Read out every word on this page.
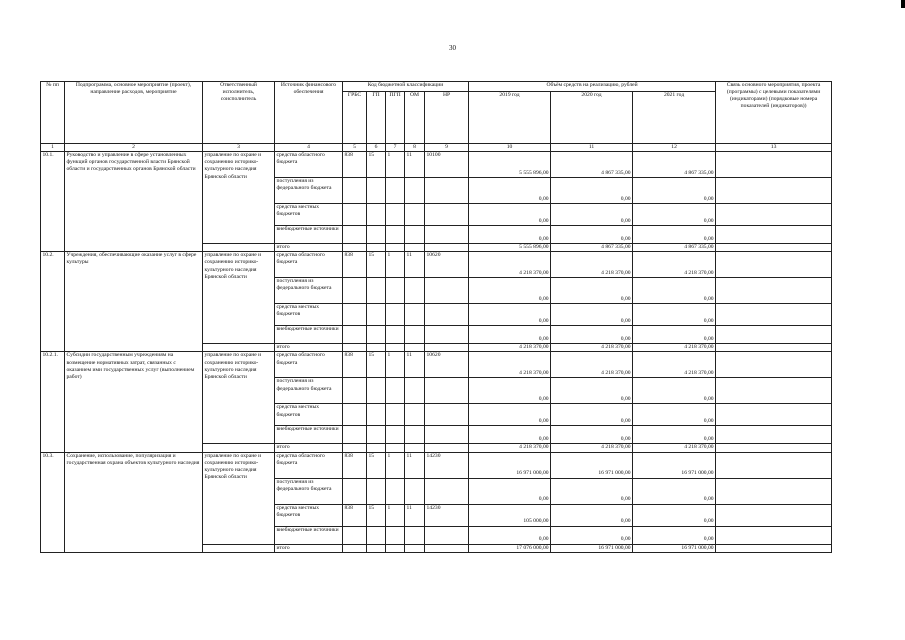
30
№ пп	Подпрограмма, основное мероприятие (проект), направление расходов, мероприятие	Ответственный исполнитель, соисполнитель	Источник финансового обеспечения	Код бюджетной классификации					Объём средств на реализацию, рублей			Связь основного мероприятия, проекта (программы) с целевыми показателями (индикаторами) (порядковые номера показателей (индикаторов))
				ГРБС	ГП	ПГП	ОМ	НР	2019 год	2020 год	2021 год	
1	2	3	4	5	6	7	8	9	10	11	12	13
10.1.	Руководство и управление в сфере установленных функций органов государственной власти Брянской области и государственных органов Брянской области	управление по охране и сохранению историко-культурного наследия Брянской области	средства областного бюджета	838	15	1	11	10100	5 555 896,00	4 867 335,00	4 867 335,00	
			поступления из федерального бюджета						0,00	0,00	0,00	
			средства местных бюджетов						0,00	0,00	0,00	
			внебюджетные источники						0,00	0,00	0,00	
			итого						5 555 896,00	4 867 335,00	4 867 335,00	
10.2.	Учреждения, обеспечивающие оказание услуг в сфере культуры	управление по охране и сохранению историко-культурного наследия Брянской области	средства областного бюджета	838	15	1	11	10620	4 218 370,00	4 218 370,00	4 218 370,00	
			поступления из федерального бюджета						0,00	0,00	0,00	
			средства местных бюджетов						0,00	0,00	0,00	
			внебюджетные источники						0,00	0,00	0,00	
			итого						4 218 370,00	4 218 370,00	4 218 370,00	
10.2.1.	Субсидии государственным учреждениям на возмещение нормативных затрат, связанных с оказанием ими государственных услуг (выполнением работ)	управление по охране и сохранению историко-культурного наследия Брянской области	средства областного бюджета	838	15	1	11	10620	4 218 370,00	4 218 370,00	4 218 370,00	
			поступления из федерального бюджета						0,00	0,00	0,00	
			средства местных бюджетов						0,00	0,00	0,00	
			внебюджетные источники						0,00	0,00	0,00	
			итого						4 218 370,00	4 218 370,00	4 218 370,00	
10.3.	Сохранение, использование, популяризация и государственная охрана объектов культурного наследия	управление по охране и сохранению историко-культурного наследия Брянской области	средства областного бюджета	838	15	1	11	14230	16 971 000,00	16 971 000,00	16 971 000,00	
			поступления из федерального бюджета						0,00	0,00	0,00	
			средства местных бюджетов	838	15	1	11	14230	105 000,00	0,00	0,00	
			внебюджетные источники						0,00	0,00	0,00	
			итого						17 076 000,00	16 971 000,00	16 971 000,00	
